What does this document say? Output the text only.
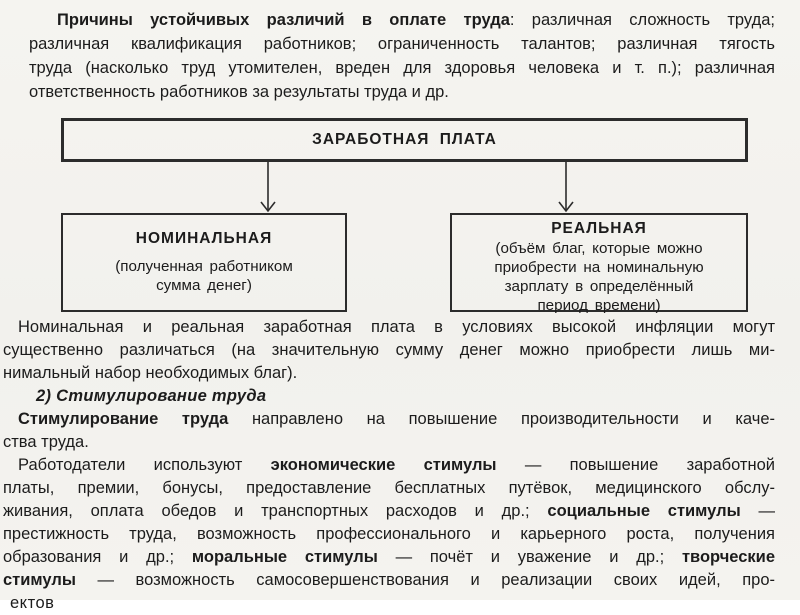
Причины устойчивых различий в оплате труда: различная сложность труда;
различная квалификация работников; ограниченность талантов; различная тягость
труда (насколько труд утомителен, вреден для здоровья человека и т. п.); различная
ответственность работников за результаты труда и др.
ЗАРАБОТНАЯ ПЛАТА
НОМИНАЛЬНАЯ
(полученная работником
сумма денег)
РЕАЛЬНАЯ
(объём благ, которые можно
приобрести на номинальную
зарплату в определённый
период времени)
Номинальная и реальная заработная плата в условиях высокой инфляции могут
существенно различаться (на значительную сумму денег можно приобрести лишь ми-
нимальный набор необходимых благ).
2) Стимулирование труда
Стимулирование труда направлено на повышение производительности и каче-
ства труда.
Работодатели используют экономические стимулы — повышение заработной
платы, премии, бонусы, предоставление бесплатных путёвок, медицинского обслу-
живания, оплата обедов и транспортных расходов и др.; социальные стимулы —
престижность труда, возможность профессионального и карьерного роста, получения
образования и др.; моральные стимулы — почёт и уважение и др.; творческие
стимулы — возможность самосовершенствования и реализации своих идей, про-
ектов
